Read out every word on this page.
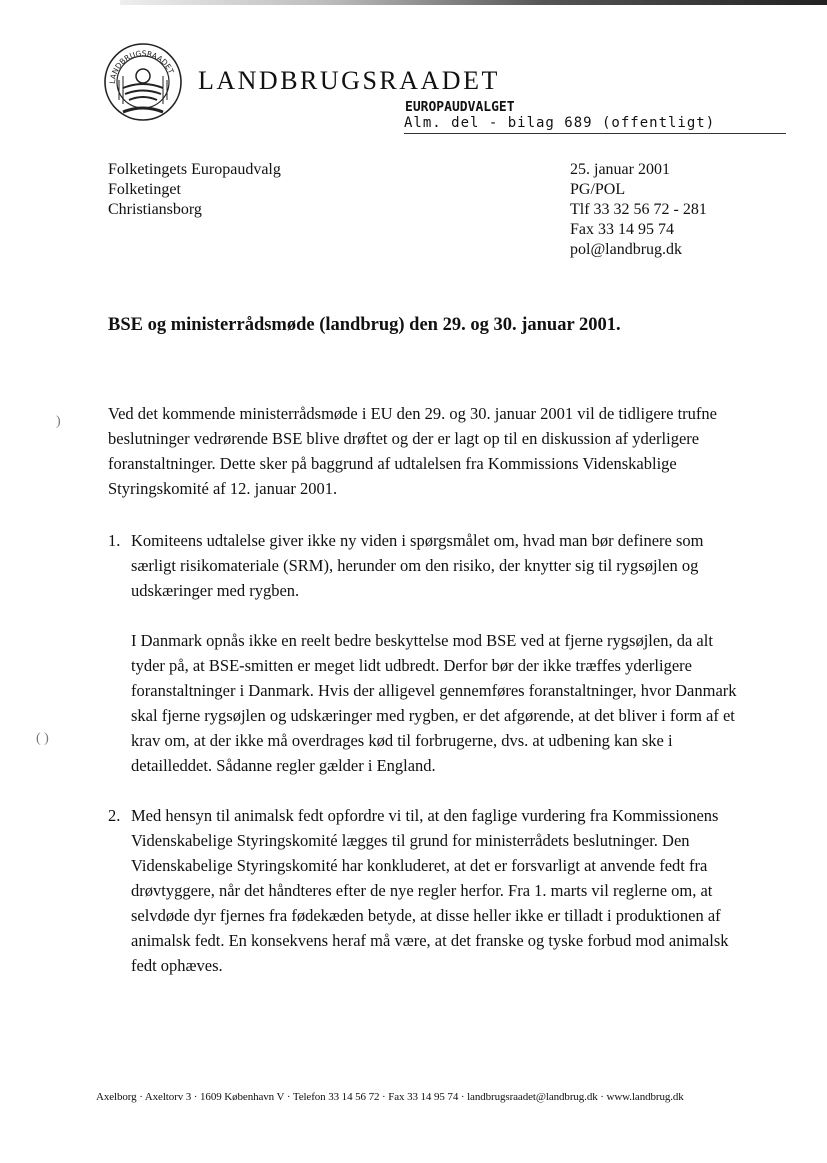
LANDBRUGSRAADET LANDBRUGSRAADET
EUROPAUDVALGET
Alm. del - bilag 689 (offentligt)
Folketingets Europaudvalg
Folketinget
Christiansborg
25. januar 2001
PG/POL
Tlf 33 32 56 72 - 281
Fax 33 14 95 74
pol@landbrug.dk
BSE og ministerrådsmøde (landbrug) den 29. og 30. januar 2001.

Ved det kommende ministerrådsmøde i EU den 29. og 30. januar 2001 vil de tidligere trufne beslutninger vedrørende BSE blive drøftet og der er lagt op til en diskussion af yderligere foranstaltninger. Dette sker på baggrund af udtalelsen fra Kommissions Videnskablige Styringskomité af 12. januar 2001.

1. Komiteens udtalelse giver ikke ny viden i spørgsmålet om, hvad man bør definere som særligt risikomateriale (SRM), herunder om den risiko, der knytter sig til rygsøjlen og udskæringer med rygben.

I Danmark opnås ikke en reelt bedre beskyttelse mod BSE ved at fjerne rygsøjlen, da alt tyder på, at BSE-smitten er meget lidt udbredt. Derfor bør der ikke træffes yderligere foranstaltninger i Danmark. Hvis der alligevel gennemføres foranstaltninger, hvor Danmark skal fjerne rygsøjlen og udskæringer med rygben, er det afgørende, at det bliver i form af et krav om, at der ikke må overdrages kød til forbrugerne, dvs. at udbening kan ske i detailleddet. Sådanne regler gælder i England.

2. Med hensyn til animalsk fedt opfordre vi til, at den faglige vurdering fra Kommissionens Videnskabelige Styringskomité lægges til grund for ministerrådets beslutninger. Den Videnskabelige Styringskomité har konkluderet, at det er forsvarligt at anvende fedt fra drøvtyggere, når det håndteres efter de nye regler herfor. Fra 1. marts vil reglerne om, at selvdøde dyr fjernes fra fødekæden betyde, at disse heller ikke er tilladt i produktionen af animalsk fedt. En konsekvens heraf må være, at det franske og tyske forbud mod animalsk fedt ophæves.

)
( )
Axelborg · Axeltorv 3 · 1609 København V · Telefon 33 14 56 72 · Fax 33 14 95 74 · landbrugsraadet@landbrug.dk · www.landbrug.dk
